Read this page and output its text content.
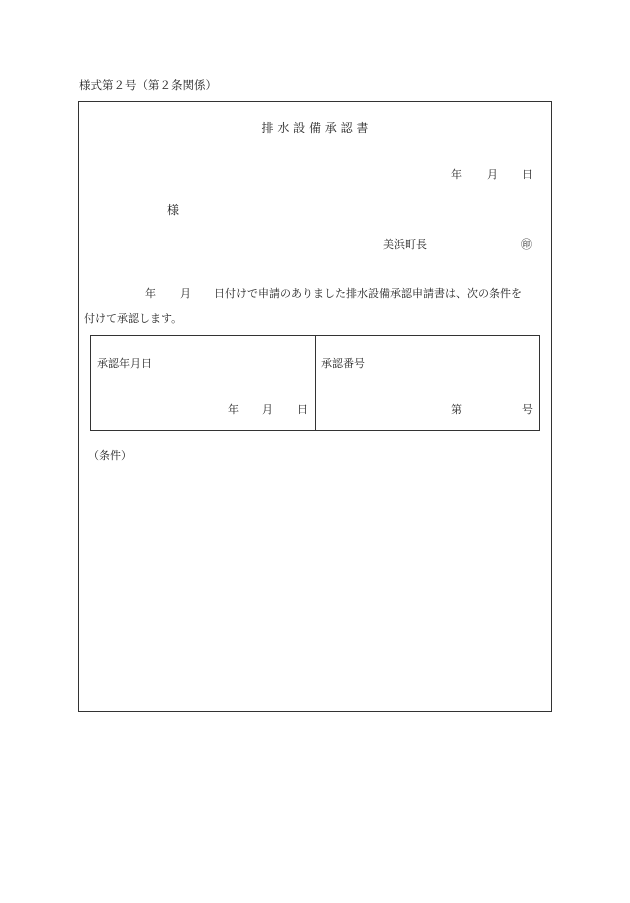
様式第２号（第２条関係）
排 水 設 備 承 認 書
年 月 日
様
美浜町長	㊞
年 月 日付けで申請のありました排水設備承認申請書は、次の条件を
付けて承認します。
承認年月日	承認番号
年 月 日	第	号
（条件）
